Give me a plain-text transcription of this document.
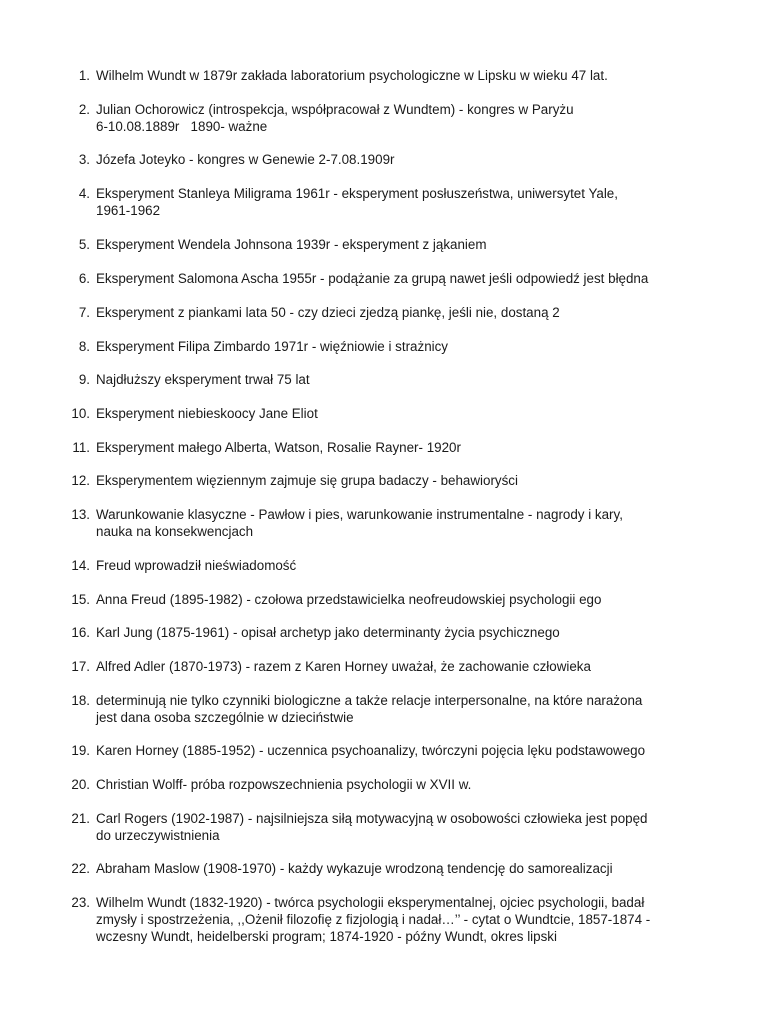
1. Wilhelm Wundt w 1879r zakłada laboratorium psychologiczne w Lipsku w wieku 47 lat.
2. Julian Ochorowicz (introspekcja, współpracował z Wundtem) - kongres w Paryżu
6-10.08.1889r   1890- ważne
3. Józefa Joteyko - kongres w Genewie 2-7.08.1909r
4. Eksperyment Stanleya Miligrama 1961r - eksperyment posłuszeństwa, uniwersytet Yale,
1961-1962
5. Eksperyment Wendela Johnsona 1939r - eksperyment z jąkaniem
6. Eksperyment Salomona Ascha 1955r - podążanie za grupą nawet jeśli odpowiedź jest błędna
7. Eksperyment z piankami lata 50 - czy dzieci zjedzą piankę, jeśli nie, dostaną 2
8. Eksperyment Filipa Zimbardo 1971r - więźniowie i strażnicy
9. Najdłuższy eksperyment trwał 75 lat
10. Eksperyment niebieskoocy Jane Eliot
11. Eksperyment małego Alberta, Watson, Rosalie Rayner- 1920r
12. Eksperymentem więziennym zajmuje się grupa badaczy - behawioryści
13. Warunkowanie klasyczne - Pawłow i pies, warunkowanie instrumentalne - nagrody i kary,
nauka na konsekwencjach
14. Freud wprowadził nieświadomość
15. Anna Freud (1895-1982) - czołowa przedstawicielka neofreudowskiej psychologii ego
16. Karl Jung (1875-1961) - opisał archetyp jako determinanty życia psychicznego
17. Alfred Adler (1870-1973) - razem z Karen Horney uważał, że zachowanie człowieka
18. determinują nie tylko czynniki biologiczne a także relacje interpersonalne, na które narażona
jest dana osoba szczególnie w dzieciństwie
19. Karen Horney (1885-1952) - uczennica psychoanalizy, twórczyni pojęcia lęku podstawowego
20. Christian Wolff- próba rozpowszechnienia psychologii w XVII w.
21. Carl Rogers (1902-1987) - najsilniejsza siłą motywacyjną w osobowości człowieka jest popęd
do urzeczywistnienia
22. Abraham Maslow (1908-1970) - każdy wykazuje wrodzoną tendencję do samorealizacji
23. Wilhelm Wundt (1832-1920) - twórca psychologii eksperymentalnej, ojciec psychologii, badał
zmysły i spostrzeżenia, ,,Ożenił filozofię z fizjologią i nadał…’’ - cytat o Wundtcie, 1857-1874 -
wczesny Wundt, heidelberski program; 1874-1920 - późny Wundt, okres lipski
